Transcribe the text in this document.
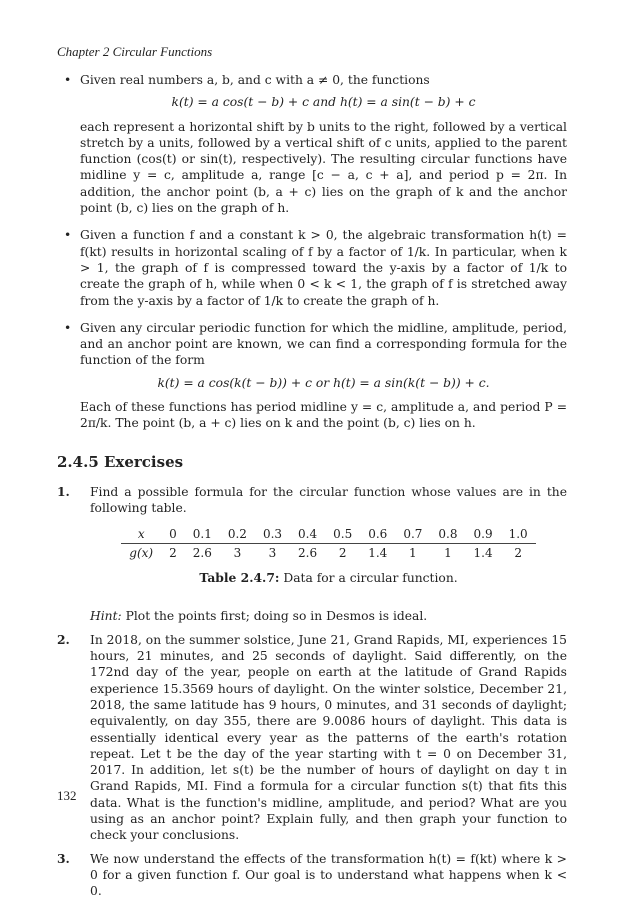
Chapter 2 Circular Functions
• Given real numbers a, b, and c with a ≠ 0, the functions
k(t) = a cos(t − b) + c and h(t) = a sin(t − b) + c
each represent a horizontal shift by b units to the right, followed by a vertical stretch by a units, followed by a vertical shift of c units, applied to the parent function (cos(t) or sin(t), respectively). The resulting circular functions have midline y = c, amplitude a, range [c − a, c + a], and period p = 2π. In addition, the anchor point (b, a + c) lies on the graph of k and the anchor point (b, c) lies on the graph of h.
• Given a function f and a constant k > 0, the algebraic transformation h(t) = f(kt) results in horizontal scaling of f by a factor of 1/k. In particular, when k > 1, the graph of f is compressed toward the y-axis by a factor of 1/k to create the graph of h, while when 0 < k < 1, the graph of f is stretched away from the y-axis by a factor of 1/k to create the graph of h.
• Given any circular periodic function for which the midline, amplitude, period, and an anchor point are known, we can find a corresponding formula for the function of the form
k(t) = a cos(k(t − b)) + c or h(t) = a sin(k(t − b)) + c.
Each of these functions has period midline y = c, amplitude a, and period P = 2π/k. The point (b, a + c) lies on k and the point (b, c) lies on h.
2.4.5 Exercises
1. Find a possible formula for the circular function whose values are in the following table.
x	0	0.1	0.2	0.3	0.4	0.5	0.6	0.7	0.8	0.9	1.0
g(x)	2	2.6	3	3	2.6	2	1.4	1	1	1.4	2
Table 2.4.7: Data for a circular function.
Hint: Plot the points first; doing so in Desmos is ideal.
2. In 2018, on the summer solstice, June 21, Grand Rapids, MI, experiences 15 hours, 21 minutes, and 25 seconds of daylight. Said differently, on the 172nd day of the year, people on earth at the latitude of Grand Rapids experience 15.3569 hours of daylight. On the winter solstice, December 21, 2018, the same latitude has 9 hours, 0 minutes, and 31 seconds of daylight; equivalently, on day 355, there are 9.0086 hours of daylight. This data is essentially identical every year as the patterns of the earth's rotation repeat. Let t be the day of the year starting with t = 0 on December 31, 2017. In addition, let s(t) be the number of hours of daylight on day t in Grand Rapids, MI. Find a formula for a circular function s(t) that fits this data. What is the function's midline, amplitude, and period? What are you using as an anchor point? Explain fully, and then graph your function to check your conclusions.
3. We now understand the effects of the transformation h(t) = f(kt) where k > 0 for a given function f. Our goal is to understand what happens when k < 0.
132
